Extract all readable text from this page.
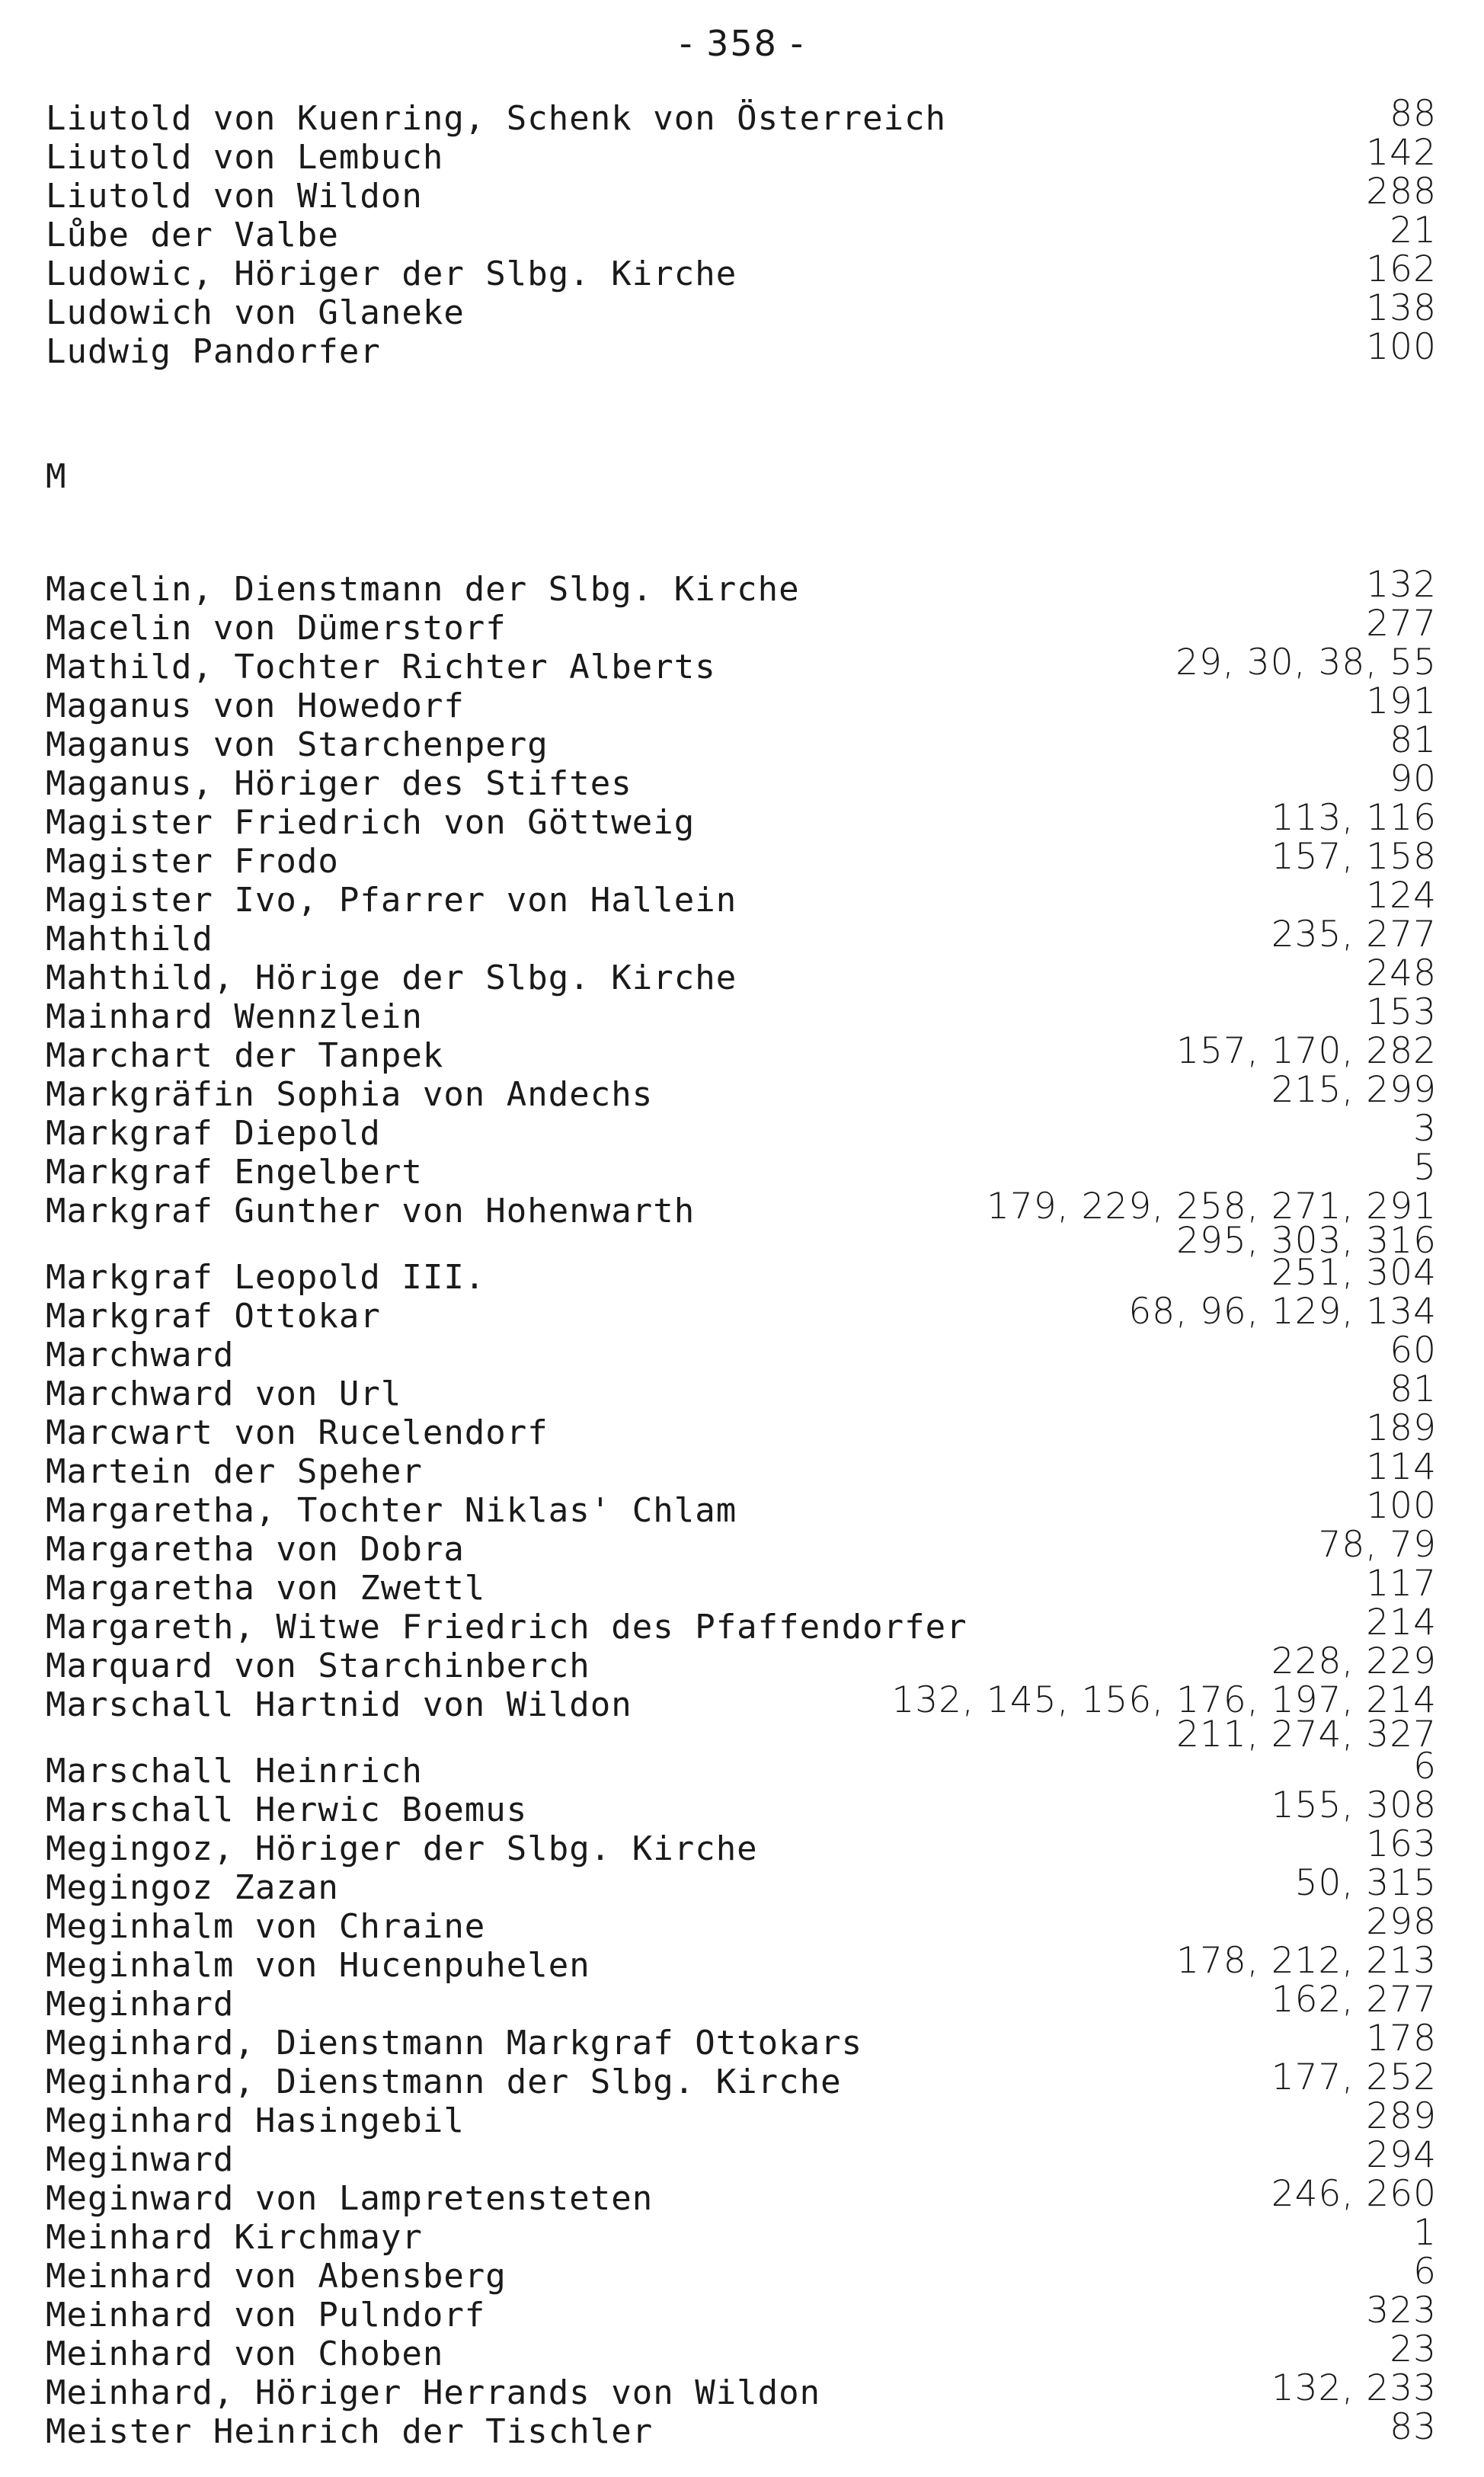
- 358 -
Liutold von Kuenring, Schenk von Österreich	88
Liutold von Lembuch	142
Liutold von Wildon	288
Lůbe der Valbe	21
Ludowic, Höriger der Slbg. Kirche	162
Ludowich von Glaneke	138
Ludwig Pandorfer	100
M
Macelin, Dienstmann der Slbg. Kirche	132
Macelin von Dümerstorf	277
Mathild, Tochter Richter Alberts	29, 30, 38, 55
Maganus von Howedorf	191
Maganus von Starchenperg	81
Maganus, Höriger des Stiftes	90
Magister Friedrich von Göttweig	113, 116
Magister Frodo	157, 158
Magister Ivo, Pfarrer von Hallein	124
Mahthild	235, 277
Mahthild, Hörige der Slbg. Kirche	248
Mainhard Wennzlein	153
Marchart der Tanpek	157, 170, 282
Markgräfin Sophia von Andechs	215, 299
Markgraf Diepold	3
Markgraf Engelbert	5
Markgraf Gunther von Hohenwarth	179, 229, 258, 271, 291
295, 303, 316
Markgraf Leopold III.	251, 304
Markgraf Ottokar	68, 96, 129, 134
Marchward	60
Marchward von Url	81
Marcwart von Rucelendorf	189
Martein der Speher	114
Margaretha, Tochter Niklas' Chlam	100
Margaretha von Dobra	78, 79
Margaretha von Zwettl	117
Margareth, Witwe Friedrich des Pfaffendorfer	214
Marquard von Starchinberch	228, 229
Marschall Hartnid von Wildon	132, 145, 156, 176, 197, 214
211, 274, 327
Marschall Heinrich	6
Marschall Herwic Boemus	155, 308
Megingoz, Höriger der Slbg. Kirche	163
Megingoz Zazan	50, 315
Meginhalm von Chraine	298
Meginhalm von Hucenpuhelen	178, 212, 213
Meginhard	162, 277
Meginhard, Dienstmann Markgraf Ottokars	178
Meginhard, Dienstmann der Slbg. Kirche	177, 252
Meginhard Hasingebil	289
Meginward	294
Meginward von Lampretensteten	246, 260
Meinhard Kirchmayr	1
Meinhard von Abensberg	6
Meinhard von Pulndorf	323
Meinhard von Choben	23
Meinhard, Höriger Herrands von Wildon	132, 233
Meister Heinrich der Tischler	83
